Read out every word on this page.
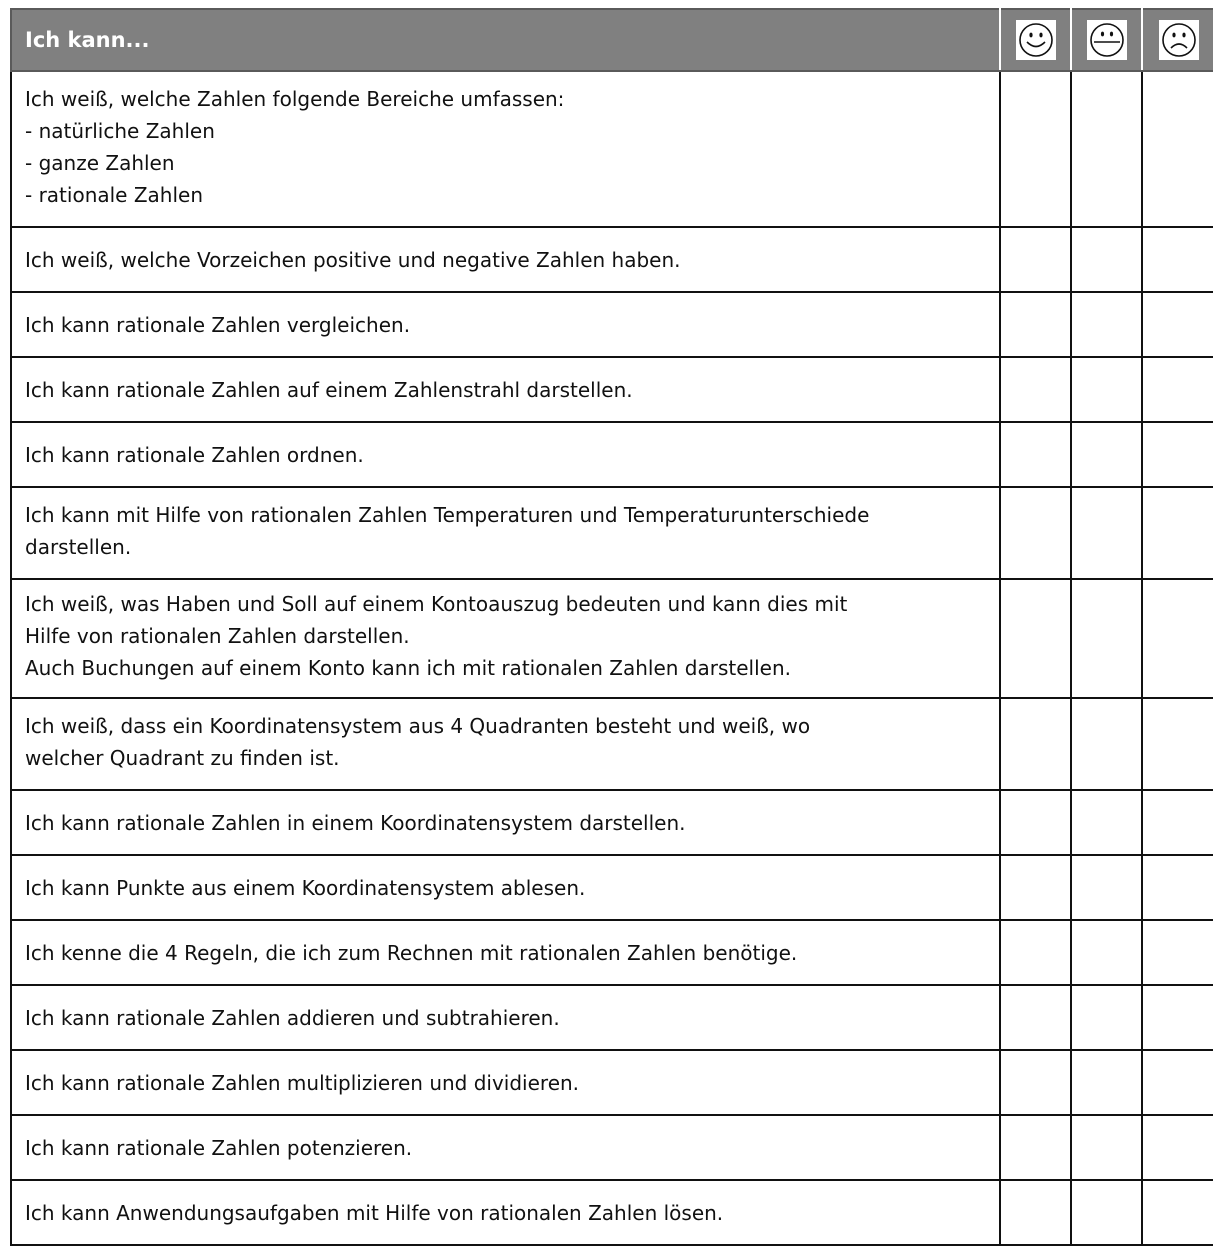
Ich kann...	

Ich weiß, welche Zahlen folgende Bereiche umfassen:
- natürliche Zahlen
- ganze Zahlen
- rationale Zahlen			

Ich weiß, welche Vorzeichen positive und negative Zahlen haben.			

Ich kann rationale Zahlen vergleichen.			

Ich kann rationale Zahlen auf einem Zahlenstrahl darstellen.			

Ich kann rationale Zahlen ordnen.			

Ich kann mit Hilfe von rationalen Zahlen Temperaturen und Temperaturunterschiede
darstellen.			

Ich weiß, was Haben und Soll auf einem Kontoauszug bedeuten und kann dies mit
Hilfe von rationalen Zahlen darstellen.
Auch Buchungen auf einem Konto kann ich mit rationalen Zahlen darstellen.			

Ich weiß, dass ein Koordinatensystem aus 4 Quadranten besteht und weiß, wo
welcher Quadrant zu finden ist.			

Ich kann rationale Zahlen in einem Koordinatensystem darstellen.			

Ich kann Punkte aus einem Koordinatensystem ablesen.			

Ich kenne die 4 Regeln, die ich zum Rechnen mit rationalen Zahlen benötige.			

Ich kann rationale Zahlen addieren und subtrahieren.			

Ich kann rationale Zahlen multiplizieren und dividieren.			

Ich kann rationale Zahlen potenzieren.			

Ich kann Anwendungsaufgaben mit Hilfe von rationalen Zahlen lösen.			
